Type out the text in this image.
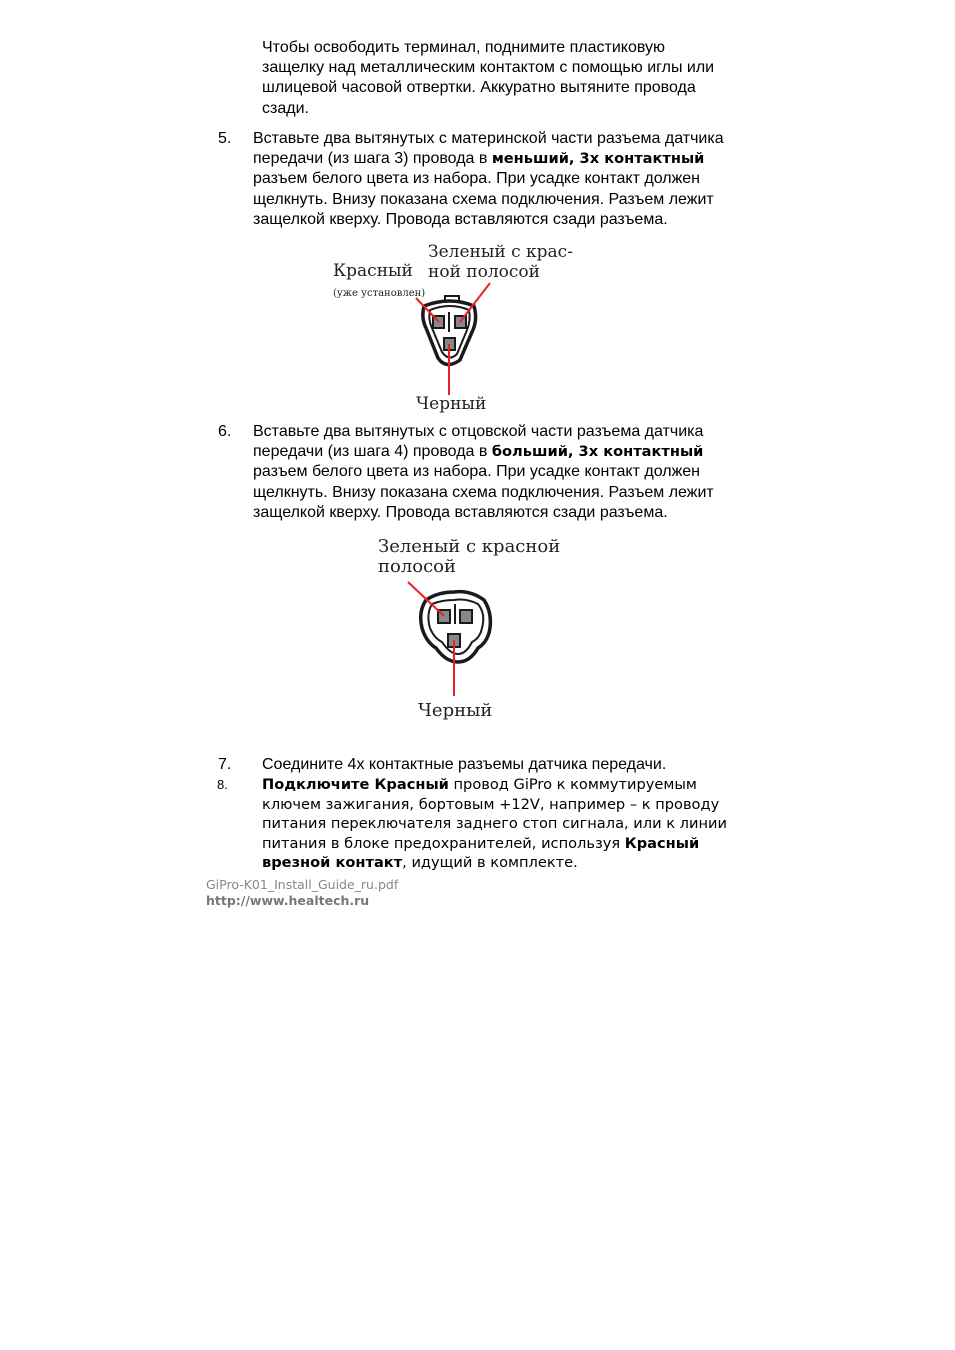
Чтобы освободить терминал, поднимите пластиковую
защелку над металлическим контактом с помощью иглы или
шлицевой часовой отвертки. Аккуратно вытяните провода
сзади.
5. Вставьте два вытянутых с материнской части разъема датчика
передачи (из шага 3) провода в меньший, 3х контактный
разъем белого цвета из набора. При усадке контакт должен
щелкнуть. Внизу показана схема подключения. Разъем лежит
защелкой кверху. Провода вставляются сзади разъема.
Красный
(уже установлен)
Зеленый с крас-
ной полосой
Черный
6. Вставьте два вытянутых с отцовской части разъема датчика
передачи (из шага 4) провода в больший, 3х контактный
разъем белого цвета из набора. При усадке контакт должен
щелкнуть. Внизу показана схема подключения. Разъем лежит
защелкой кверху. Провода вставляются сзади разъема.
Зеленый с красной
полосой
Черный
7. Соедините 4х контактные разъемы датчика передачи.
8. Подключите Красный провод GiPro к коммутируемым
ключем зажигания, бортовым +12V, например – к проводу
питания переключателя заднего стоп сигнала, или к линии
питания в блоке предохранителей, используя Красный
врезной контакт, идущий в комплекте.
GiPro-K01_Install_Guide_ru.pdf
http://www.healtech.ru
